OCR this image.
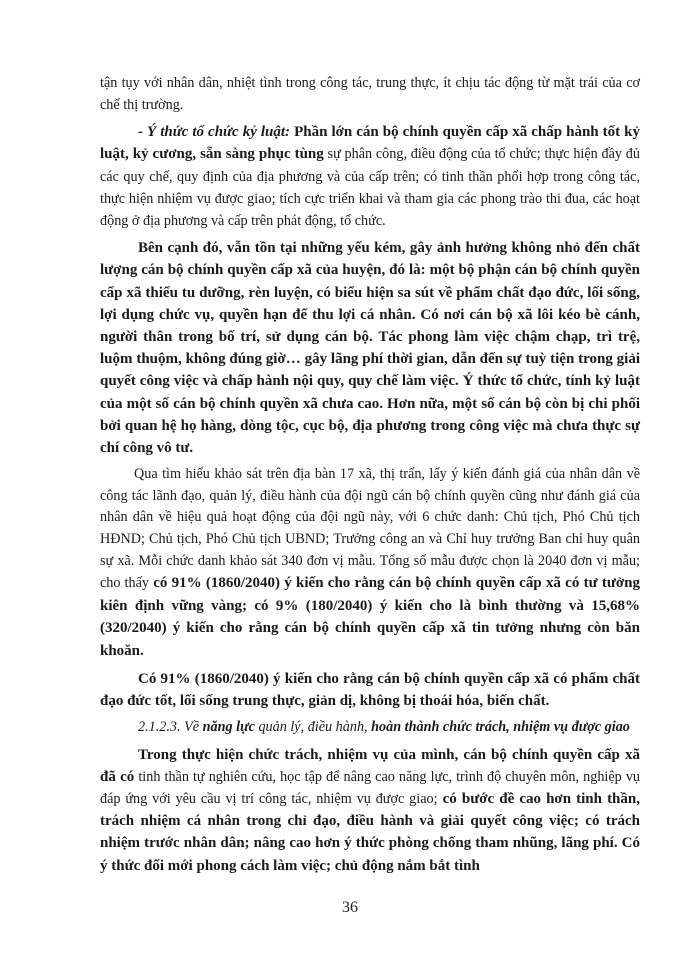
tận tụy với nhân dân, nhiệt tình trong công tác, trung thực, ít chịu tác động từ mặt trái của cơ chế thị trường.

- Ý thức tổ chức kỷ luật: Phần lớn cán bộ chính quyền cấp xã chấp hành tốt kỷ luật, kỷ cương, sẵn sàng phục tùng sự phân công, điều động của tổ chức; thực hiện đầy đủ các quy chế, quy định của địa phương và của cấp trên; có tinh thần phối hợp trong công tác, thực hiện nhiệm vụ được giao; tích cực triển khai và tham gia các phong trào thi đua, các hoạt động ở địa phương và cấp trên phát động, tổ chức.

Bên cạnh đó, vẫn tồn tại những yếu kém, gây ảnh hưởng không nhỏ đến chất lượng cán bộ chính quyền cấp xã của huyện, đó là: một bộ phận cán bộ chính quyền cấp xã thiếu tu dưỡng, rèn luyện, có biểu hiện sa sút về phẩm chất đạo đức, lối sống, lợi dụng chức vụ, quyền hạn để thu lợi cá nhân. Có nơi cán bộ xã lôi kéo bè cánh, người thân trong bố trí, sử dụng cán bộ. Tác phong làm việc chậm chạp, trì trệ, luộm thuộm, không đúng giờ… gây lãng phí thời gian, dẫn đến sự tuỳ tiện trong giải quyết công việc và chấp hành nội quy, quy chế làm việc. Ý thức tổ chức, tính kỷ luật của một số cán bộ chính quyền xã chưa cao. Hơn nữa, một số cán bộ còn bị chi phối bởi quan hệ họ hàng, dòng tộc, cục bộ, địa phương trong công việc mà chưa thực sự chí công vô tư.

Qua tìm hiểu khảo sát trên địa bàn 17 xã, thị trấn, lấy ý kiến đánh giá của nhân dân về công tác lãnh đạo, quản lý, điều hành của đội ngũ cán bộ chính quyền cũng như đánh giá của nhân dân về hiệu quả hoạt động của đội ngũ này, với 6 chức danh: Chủ tịch, Phó Chủ tịch HĐND; Chủ tịch, Phó Chủ tịch UBND; Trưởng công an và Chỉ huy trưởng Ban chỉ huy quân sự xã. Mỗi chức danh khảo sát 340 đơn vị mẫu. Tổng số mẫu được chọn là 2040 đơn vị mẫu; cho thấy có 91% (1860/2040) ý kiến cho rằng cán bộ chính quyền cấp xã có tư tưởng kiên định vững vàng; có 9% (180/2040) ý kiến cho là bình thường và 15,68%(320/2040) ý kiến cho rằng cán bộ chính quyền cấp xã tin tưởng nhưng còn băn khoăn.

Có 91% (1860/2040) ý kiến cho rằng cán bộ chính quyền cấp xã có phẩm chất đạo đức tốt, lối sống trung thực, giản dị, không bị thoái hóa, biến chất.

2.1.2.3. Về năng lực quản lý, điều hành, hoàn thành chức trách, nhiệm vụ được giao

Trong thực hiện chức trách, nhiệm vụ của mình, cán bộ chính quyền cấp xã đã có tinh thần tự nghiên cứu, học tập để nâng cao năng lực, trình độ chuyên môn, nghiệp vụ đáp ứng với yêu cầu vị trí công tác, nhiệm vụ được giao; có bước đề cao hơn tinh thần, trách nhiệm cá nhân trong chỉ đạo, điều hành và giải quyết công việc; có trách nhiệm trước nhân dân; nâng cao hơn ý thức phòng chống tham nhũng, lãng phí. Có ý thức đổi mới phong cách làm việc; chủ động nắm bắt tình

36
